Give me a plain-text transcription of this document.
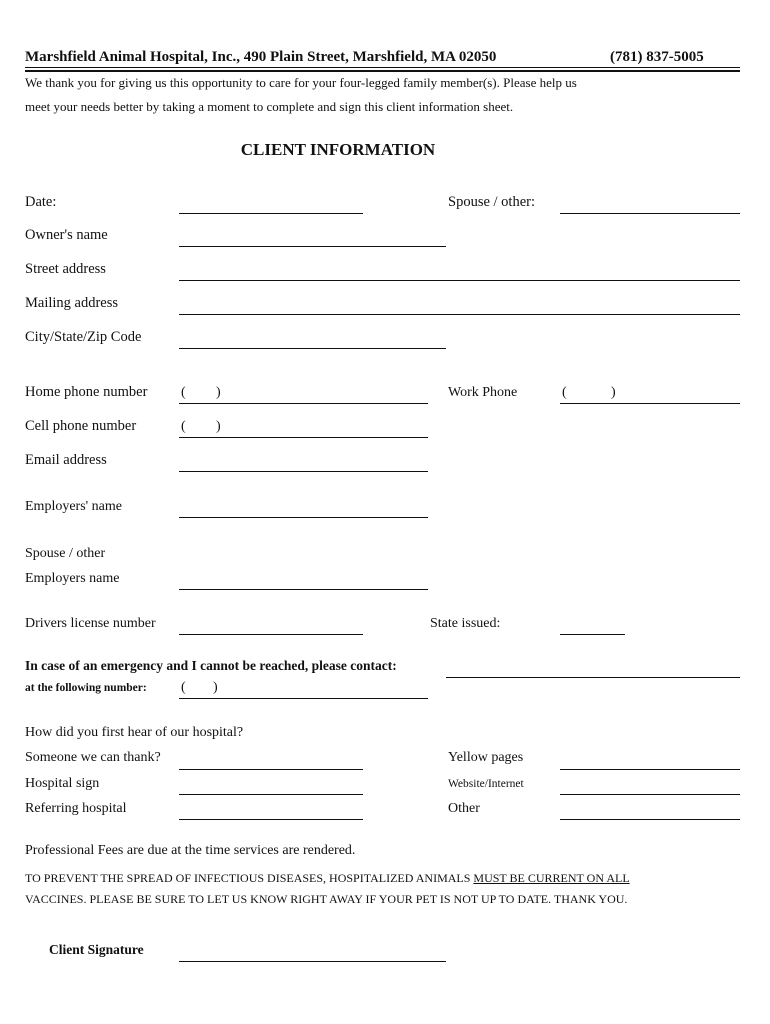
Marshfield Animal Hospital, Inc., 490 Plain Street, Marshfield, MA 02050	(781) 837-5005
We thank you for giving us this opportunity to care for your four-legged family member(s). Please help us
meet your needs better by taking a moment to complete and sign this client information sheet.
CLIENT INFORMATION
Date:	Spouse / other:
Owner's name
Street address
Mailing address
City/State/Zip Code
Home phone number ( )	Work Phone	(	)
Cell phone number	( )
Email address
Employers' name
Spouse / other
Employers name
Drivers license number	State issued:
In case of an emergency and I cannot be reached, please contact:
at the following number: ( )
How did you first hear of our hospital?
Someone we can thank?	Yellow pages
Hospital sign	Website/Internet
Referring hospital	Other
Professional Fees are due at the time services are rendered.
TO PREVENT THE SPREAD OF INFECTIOUS DISEASES, HOSPITALIZED ANIMALS MUST BE CURRENT ON ALL
VACCINES. PLEASE BE SURE TO LET US KNOW RIGHT AWAY IF YOUR PET IS NOT UP TO DATE. THANK YOU.
Client Signature
